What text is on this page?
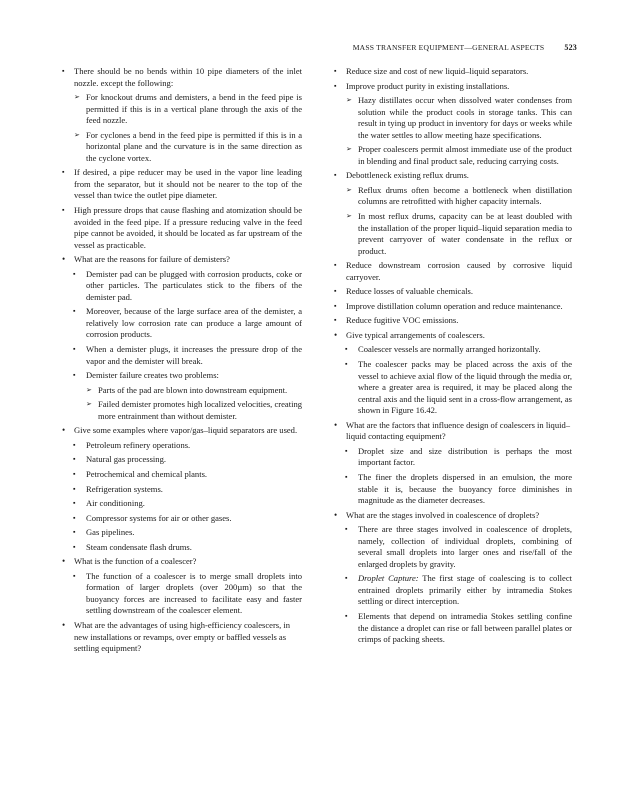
MASS TRANSFER EQUIPMENT—GENERAL ASPECTS	523
▪ There should be no bends within 10 pipe diameters of the inlet nozzle. except the following:
➢ For knockout drums and demisters, a bend in the feed pipe is permitted if this is in a vertical plane through the axis of the feed nozzle.
➢ For cyclones a bend in the feed pipe is permitted if this is in a horizontal plane and the curvature is in the same direction as the cyclone vortex.
▪ If desired, a pipe reducer may be used in the vapor line leading from the separator, but it should not be nearer to the top of the vessel than twice the outlet pipe diameter.
▪ High pressure drops that cause flashing and atomization should be avoided in the feed pipe. If a pressure reducing valve in the feed pipe cannot be avoided, it should be located as far upstream of the vessel as practicable.
• What are the reasons for failure of demisters?
▪ Demister pad can be plugged with corrosion products, coke or other particles. The particulates stick to the fibers of the demister pad.
▪ Moreover, because of the large surface area of the demister, a relatively low corrosion rate can produce a large amount of corrosion products.
▪ When a demister plugs, it increases the pressure drop of the vapor and the demister will break.
▪ Demister failure creates two problems:
➢ Parts of the pad are blown into downstream equipment.
➢ Failed demister promotes high localized velocities, creating more entrainment than without demister.
• Give some examples where vapor/gas–liquid separators are used.
▪ Petroleum refinery operations.
▪ Natural gas processing.
▪ Petrochemical and chemical plants.
▪ Refrigeration systems.
▪ Air conditioning.
▪ Compressor systems for air or other gases.
▪ Gas pipelines.
▪ Steam condensate flash drums.
• What is the function of a coalescer?
▪ The function of a coalescer is to merge small droplets into formation of larger droplets (over 200µm) so that the buoyancy forces are increased to facilitate easy and faster settling downstream of the coalescer element.
• What are the advantages of using high-efficiency coalescers, in new installations or revamps, over empty or baffled vessels as settling equipment?
▪ Reduce size and cost of new liquid–liquid separators.
▪ Improve product purity in existing installations.
➢ Hazy distillates occur when dissolved water condenses from solution while the product cools in storage tanks. This can result in tying up product in inventory for days or weeks while the water settles to allow meeting haze specifications.
➢ Proper coalescers permit almost immediate use of the product in blending and final product sale, reducing carrying costs.
▪ Debottleneck existing reflux drums.
➢ Reflux drums often become a bottleneck when distillation columns are retrofitted with higher capacity internals.
➢ In most reflux drums, capacity can be at least doubled with the installation of the proper liquid–liquid separation media to prevent carryover of water condensate in the reflux or product.
▪ Reduce downstream corrosion caused by corrosive liquid carryover.
▪ Reduce losses of valuable chemicals.
▪ Improve distillation column operation and reduce maintenance.
▪ Reduce fugitive VOC emissions.
• Give typical arrangements of coalescers.
▪ Coalescer vessels are normally arranged horizontally.
▪ The coalescer packs may be placed across the axis of the vessel to achieve axial flow of the liquid through the media or, where a greater area is required, it may be placed along the central axis and the liquid sent in a cross-flow arrangement, as shown in Figure 16.42.
• What are the factors that influence design of coalescers in liquid–liquid contacting equipment?
▪ Droplet size and size distribution is perhaps the most important factor.
▪ The finer the droplets dispersed in an emulsion, the more stable it is, because the buoyancy force diminishes in magnitude as the diameter decreases.
• What are the stages involved in coalescence of droplets?
▪ There are three stages involved in coalescence of droplets, namely, collection of individual droplets, combining of several small droplets into larger ones and rise/fall of the enlarged droplets by gravity.
▪ Droplet Capture: The first stage of coalescing is to collect entrained droplets primarily either by intramedia Stokes settling or direct interception.
▪ Elements that depend on intramedia Stokes settling confine the distance a droplet can rise or fall between parallel plates or crimps of packing sheets.
